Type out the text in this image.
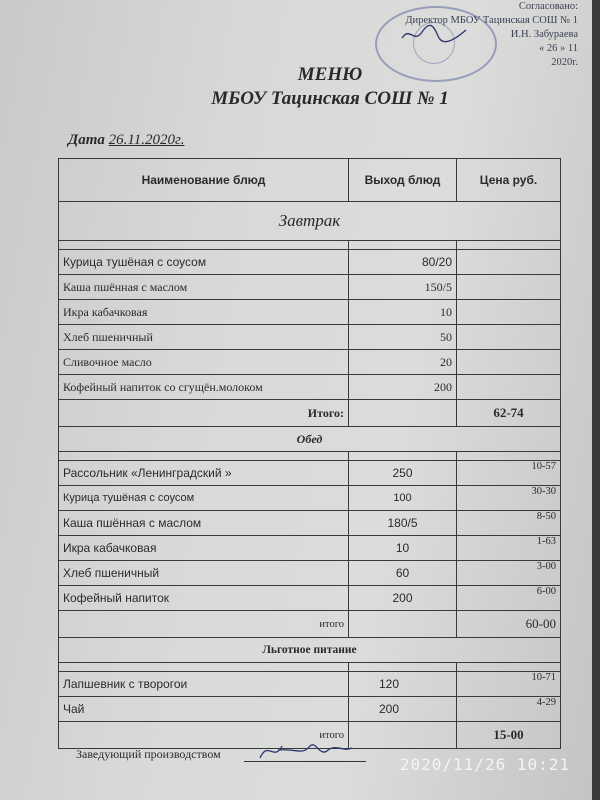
Согласовано:
Директор МБОУ Тацинская СОШ № 1
И.Н. Забураева
« 26 » 11
2020г.
МЕНЮ
МБОУ Тацинская СОШ № 1
Дата 26.11.2020г.
Наименование блюд	Выход блюд	Цена руб.
Завтрак		

Курица тушёная с соусом	80/20	
Каша пшённая с маслом	150/5	
Икра кабачковая	10	
Хлеб пшеничный	50	
Сливочное масло	20	
Кофейный напиток со сгущён.молоком	200	
Итого:		62-74
Обед		

Рассольник «Ленинградский »	250	10-57
Курица тушёная с соусом	100	30-30
Каша пшённая с маслом	180/5	8-50
Икра кабачковая	10	1-63
Хлеб пшеничный	60	3-00
Кофейный напиток	200	6-00
итого		60-00
Льготное питание		

Лапшевник с творогои	120	10-71
Чай	200	4-29
итого		15-00
Заведующий производством
2020/11/26 10:21
